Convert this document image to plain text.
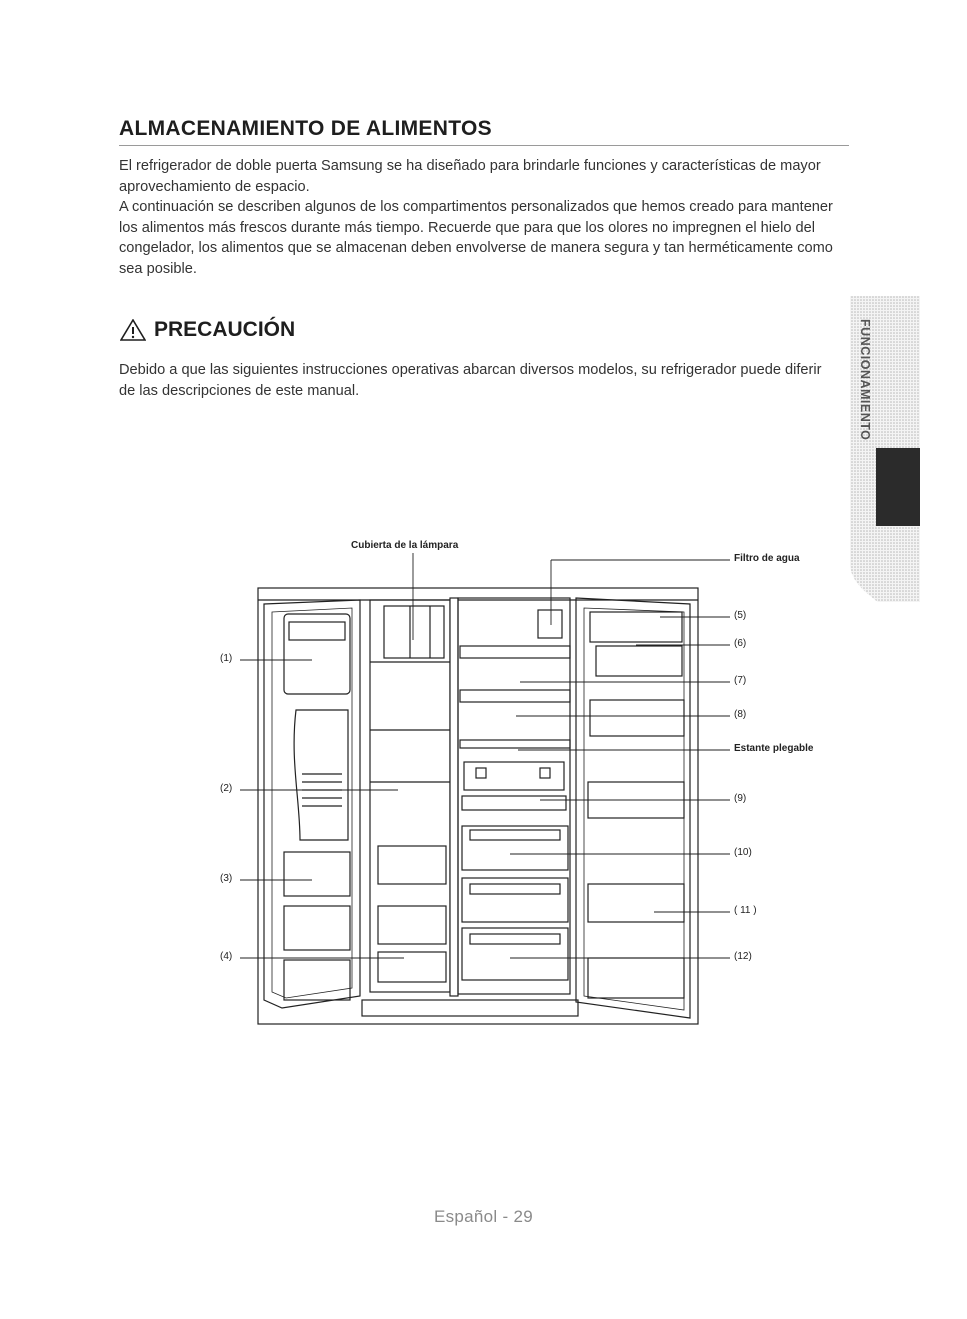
ALMACENAMIENTO DE ALIMENTOS
El refrigerador de doble puerta Samsung se ha diseñado para brindarle funciones y características de mayor aprovechamiento de espacio.
A continuación se describen algunos de los compartimentos personalizados que hemos creado para mantener los alimentos más frescos durante más tiempo. Recuerde que para que los olores no impregnen el hielo del congelador, los alimentos que se almacenan deben envolverse de manera segura y tan herméticamente como sea posible.
PRECAUCIÓN
Debido a que las siguientes instrucciones operativas abarcan diversos modelos, su refrigerador puede diferir de las descripciones de este manual.	FUNCIONAMIENTO
Cubierta de la lámpara
Filtro de agua
(1)
(2)
(3)
(4)
(5)
(6)
(7)
(8)
Estante plegable
(9)
(10)
( 11 )
(12)
Español - 29
